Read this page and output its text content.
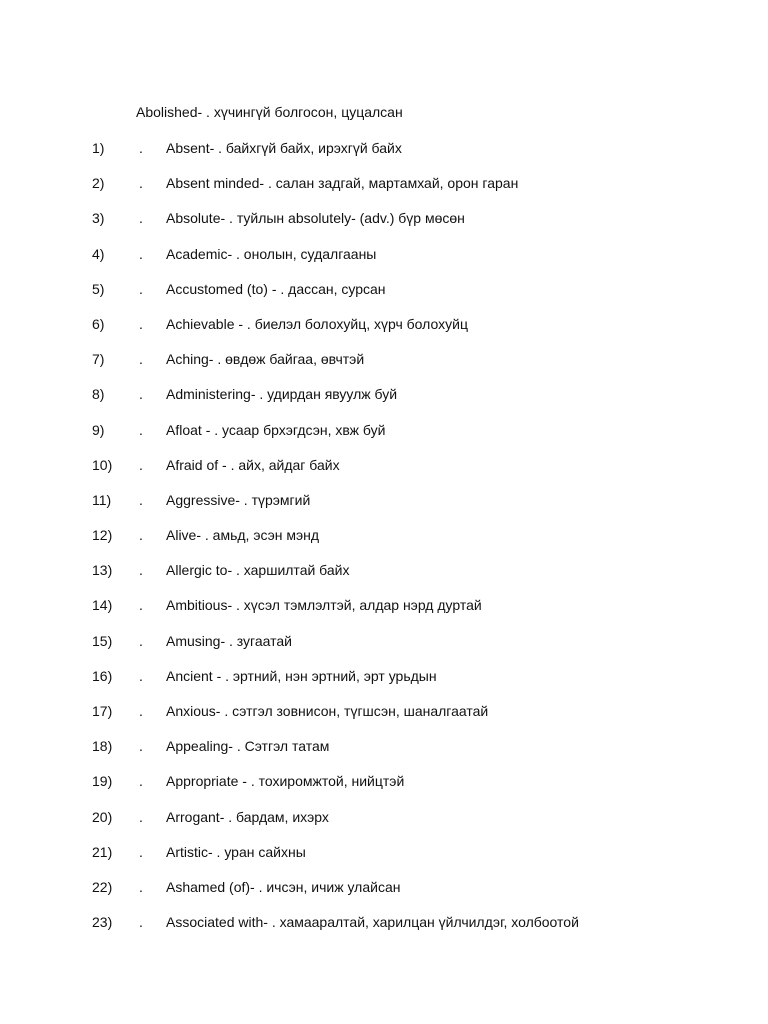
Abolished- . хүчингүй болгосон, цуцалсан
1) . Absent- . байхгүй байх, ирэхгүй байх
2) . Absent minded- . салан задгай, мартамхай, орон гаран
3) . Absolute- . туйлын absolutely- (adv.) бүр мөсөн
4) . Academic- . онолын, судалгааны
5) . Accustomed (to) - . дассан, сурсан
6) . Achievable - . биелэл болохуйц, хүрч болохуйц
7) . Aching- . өвдөж байгаа, өвчтэй
8) . Administering- . удирдан явуулж буй
9) . Afloat - . усаар брхэгдсэн, хвж буй
10) . Afraid of - . айх, айдаг байх
11) . Aggressive- . түрэмгий
12) . Alive- . амьд, эсэн мэнд
13) . Allergic to- . харшилтай байх
14) . Ambitious- . хүсэл тэмлэлтэй, алдар нэрд дуртай
15) . Amusing- . зугаатай
16) . Ancient - . эртний, нэн эртний, эрт урьдын
17) . Anxious- . сэтгэл зовнисон, түгшсэн, шаналгаатай
18) . Appealing- . Сэтгэл татам
19) . Appropriate - . тохиромжтой, нийцтэй
20) . Arrogant- . бардам, ихэрх
21) . Artistic- . уран сайхны
22) . Ashamed (of)- . ичсэн, ичиж улайсан
23) . Associated with- . хамааралтай, харилцан үйлчилдэг, холбоотой
